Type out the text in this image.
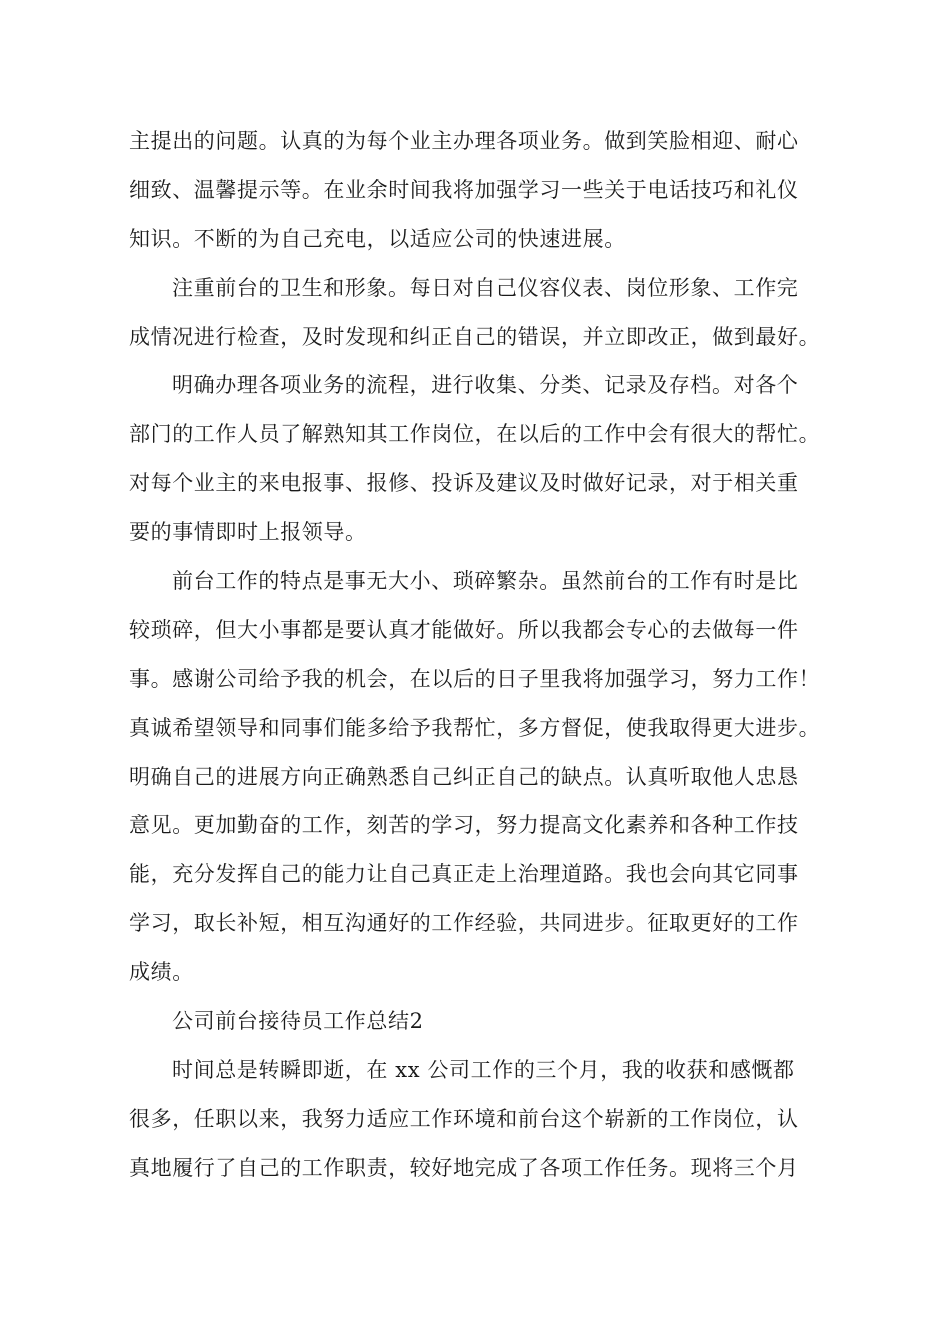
主提出的问题。认真的为每个业主办理各项业务。做到笑脸相迎、耐心
细致、温馨提示等。在业余时间我将加强学习一些关于电话技巧和礼仪
知识。不断的为自己充电，以适应公司的快速进展。
注重前台的卫生和形象。每日对自己仪容仪表、岗位形象、工作完
成情况进行检查，及时发现和纠正自己的错误，并立即改正，做到最好。
明确办理各项业务的流程，进行收集、分类、记录及存档。对各个
部门的工作人员了解熟知其工作岗位，在以后的工作中会有很大的帮忙。
对每个业主的来电报事、报修、投诉及建议及时做好记录，对于相关重
要的事情即时上报领导。
前台工作的特点是事无大小、琐碎繁杂。虽然前台的工作有时是比
较琐碎，但大小事都是要认真才能做好。所以我都会专心的去做每一件
事。感谢公司给予我的机会，在以后的日子里我将加强学习，努力工作！
真诚希望领导和同事们能多给予我帮忙，多方督促，使我取得更大进步。
明确自己的进展方向正确熟悉自己纠正自己的缺点。认真听取他人忠恳
意见。更加勤奋的工作，刻苦的学习，努力提高文化素养和各种工作技
能，充分发挥自己的能力让自己真正走上治理道路。我也会向其它同事
学习，取长补短，相互沟通好的工作经验，共同进步。征取更好的工作
成绩。
公司前台接待员工作总结2
时间总是转瞬即逝，在 xx 公司工作的三个月，我的收获和感慨都
很多，任职以来，我努力适应工作环境和前台这个崭新的工作岗位，认
真地履行了自己的工作职责，较好地完成了各项工作任务。现将三个月
